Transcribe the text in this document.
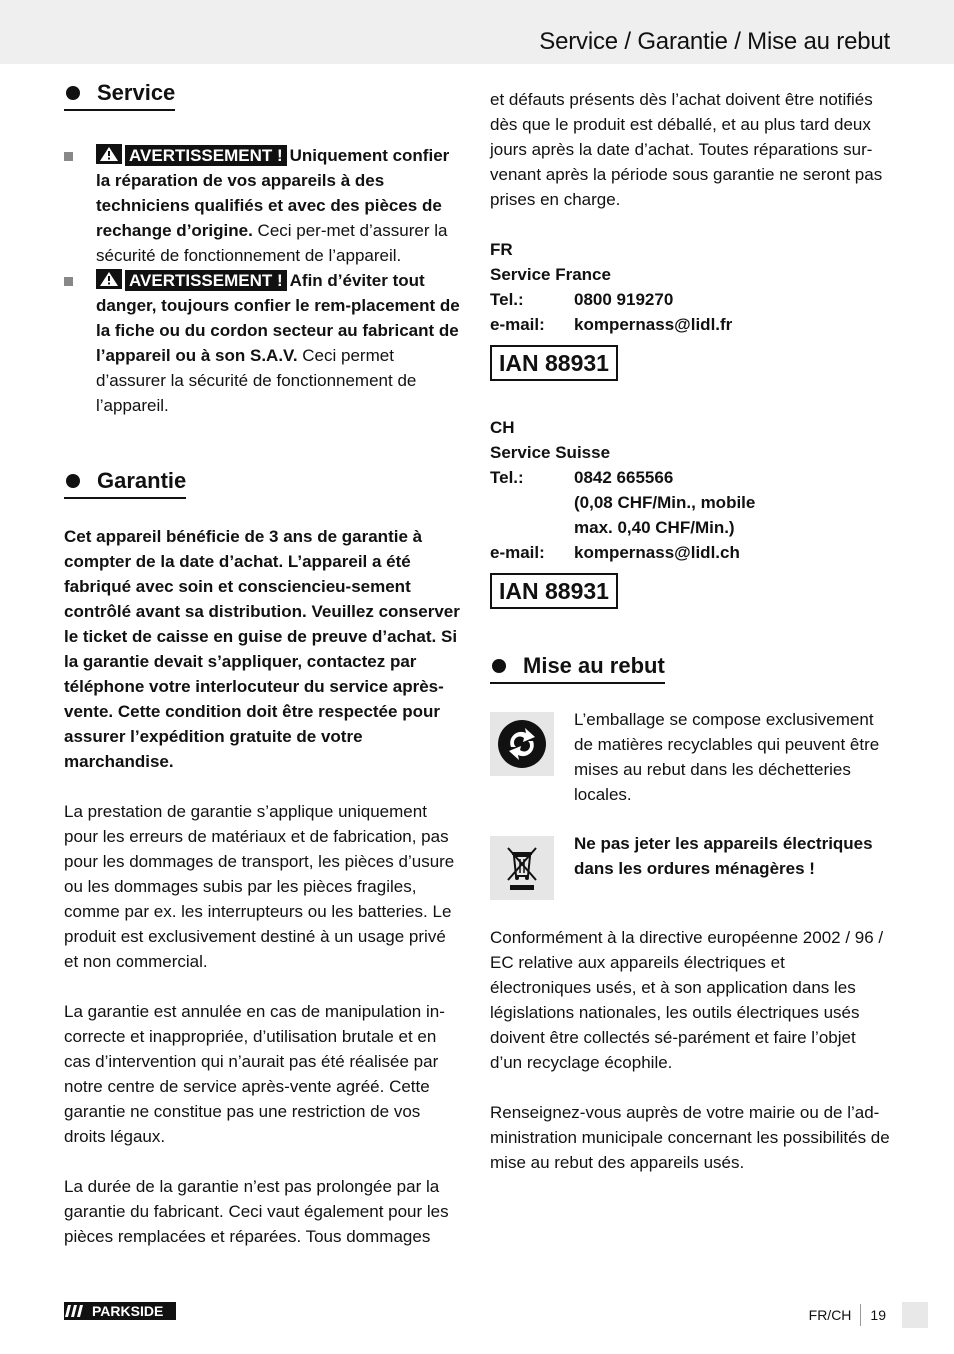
Service / Garantie / Mise au rebut
Service
AVERTISSEMENT ! Uniquement confier la réparation de vos appareils à des techniciens qualifiés et avec des pièces de rechange d’origine. Ceci per-met d’assurer la sécurité de fonctionnement de l’appareil.
AVERTISSEMENT ! Afin d’éviter tout danger, toujours confier le rem-placement de la fiche ou du cordon secteur au fabricant de l’appareil ou à son S.A.V. Ceci permet d’assurer la sécurité de fonctionnement de l’appareil.
Garantie

Cet appareil bénéficie de 3 ans de garantie à compter de la date d’achat. L’appareil a été fabriqué avec soin et consciencieu-sement contrôlé avant sa distribution. Veuillez conserver le ticket de caisse en guise de preuve d’achat. Si la garantie devait s’appliquer, contactez par téléphone votre interlocuteur du service après-vente. Cette condition doit être respectée pour assurer l’expédition gratuite de votre marchandise.

La prestation de garantie s’applique uniquement pour les erreurs de matériaux et de fabrication, pas pour les dommages de transport, les pièces d’usure ou les dommages subis par les pièces fragiles, comme par ex. les interrupteurs ou les batteries. Le produit est exclusivement destiné à un usage privé et non commercial.

La garantie est annulée en cas de manipulation in-correcte et inappropriée, d’utilisation brutale et en cas d’intervention qui n’aurait pas été réalisée par notre centre de service après-vente agréé. Cette garantie ne constitue pas une restriction de vos droits légaux.

La durée de la garantie n’est pas prolongée par la garantie du fabricant. Ceci vaut également pour les pièces remplacées et réparées. Tous dommages

et défauts présents dès l’achat doivent être notifiés dès que le produit est déballé, et au plus tard deux jours après la date d’achat. Toutes réparations sur-venant après la période sous garantie ne seront pas prises en charge.

FR
Service France
Tel.:	0800 919270
e-mail:	kompernass@lidl.fr
IAN 88931
CH
Service Suisse
Tel.:	0842 665566
(0,08 CHF/Min., mobile
max. 0,40 CHF/Min.)
e-mail:	kompernass@lidl.ch
IAN 88931
Mise au rebut

L’emballage se compose exclusivement de matières recyclables qui peuvent être mises au rebut dans les déchetteries locales.

Ne pas jeter les appareils électriques dans les ordures ménagères !

Conformément à la directive européenne 2002 / 96 / EC relative aux appareils électriques et électroniques usés, et à son application dans les législations nationales, les outils électriques usés doivent être collectés sé-parément et faire l’objet d’un recyclage écophile.

Renseignez-vous auprès de votre mairie ou de l’ad-ministration municipale concernant les possibilités de mise au rebut des appareils usés.

PARKSIDE	FR/CH 19
